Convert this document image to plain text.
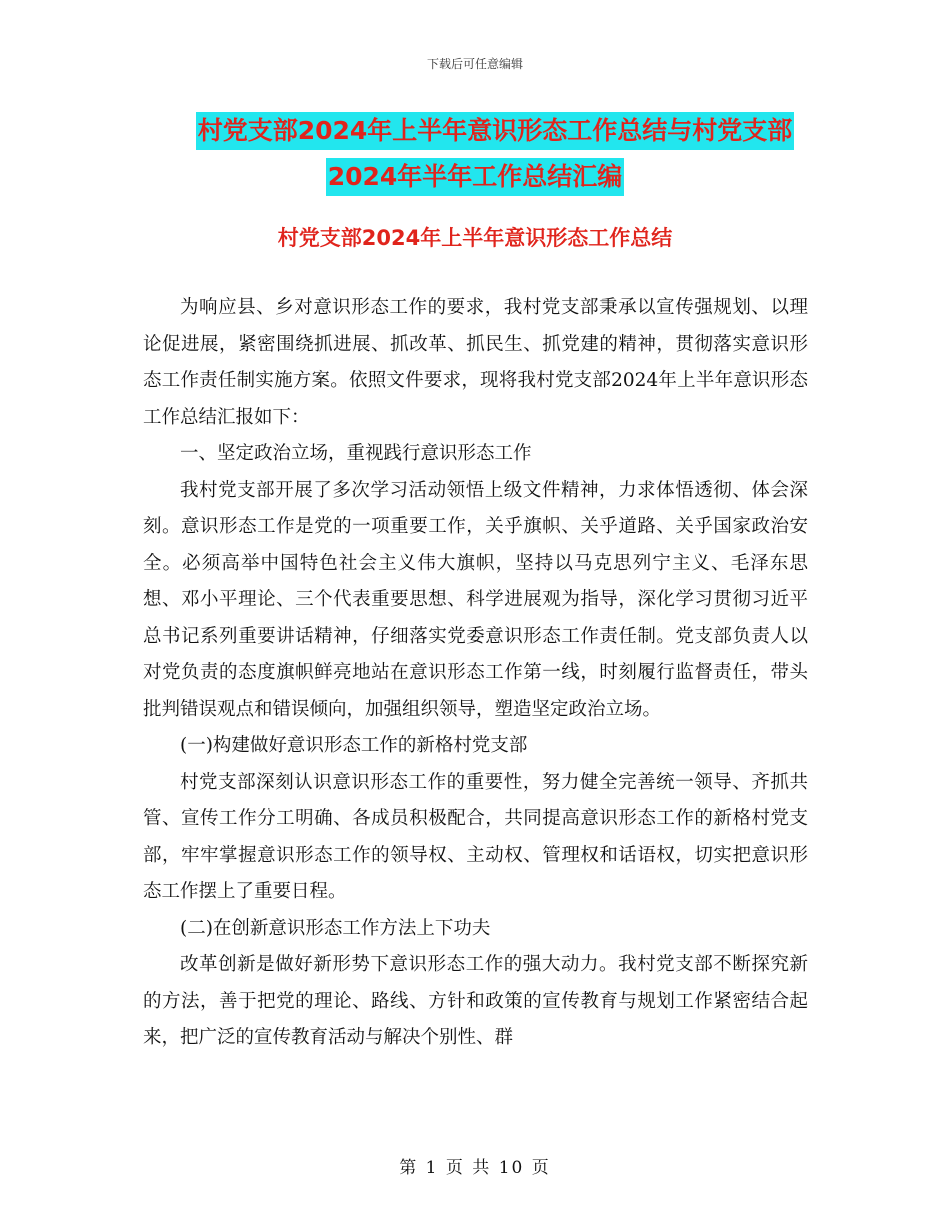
下载后可任意编辑
村党支部2024年上半年意识形态工作总结与村党支部
2024年半年工作总结汇编
村党支部2024年上半年意识形态工作总结

为响应县、乡对意识形态工作的要求，我村党支部秉承以宣传强规划、以理论促进展，紧密围绕抓进展、抓改革、抓民生、抓党建的精神，贯彻落实意识形态工作责任制实施方案。依照文件要求，现将我村党支部2024年上半年意识形态工作总结汇报如下：

一、坚定政治立场，重视践行意识形态工作

我村党支部开展了多次学习活动领悟上级文件精神，力求体悟透彻、体会深刻。意识形态工作是党的一项重要工作，关乎旗帜、关乎道路、关乎国家政治安全。必须高举中国特色社会主义伟大旗帜，坚持以马克思列宁主义、毛泽东思想、邓小平理论、三个代表重要思想、科学进展观为指导，深化学习贯彻习近平总书记系列重要讲话精神，仔细落实党委意识形态工作责任制。党支部负责人以对党负责的态度旗帜鲜亮地站在意识形态工作第一线，时刻履行监督责任，带头批判错误观点和错误倾向，加强组织领导，塑造坚定政治立场。

(一)构建做好意识形态工作的新格村党支部

村党支部深刻认识意识形态工作的重要性，努力健全完善统一领导、齐抓共管、宣传工作分工明确、各成员积极配合，共同提高意识形态工作的新格村党支部，牢牢掌握意识形态工作的领导权、主动权、管理权和话语权，切实把意识形态工作摆上了重要日程。

(二)在创新意识形态工作方法上下功夫

改革创新是做好新形势下意识形态工作的强大动力。我村党支部不断探究新的方法，善于把党的理论、路线、方针和政策的宣传教育与规划工作紧密结合起来，把广泛的宣传教育活动与解决个别性、群

第 1 页 共 10 页
